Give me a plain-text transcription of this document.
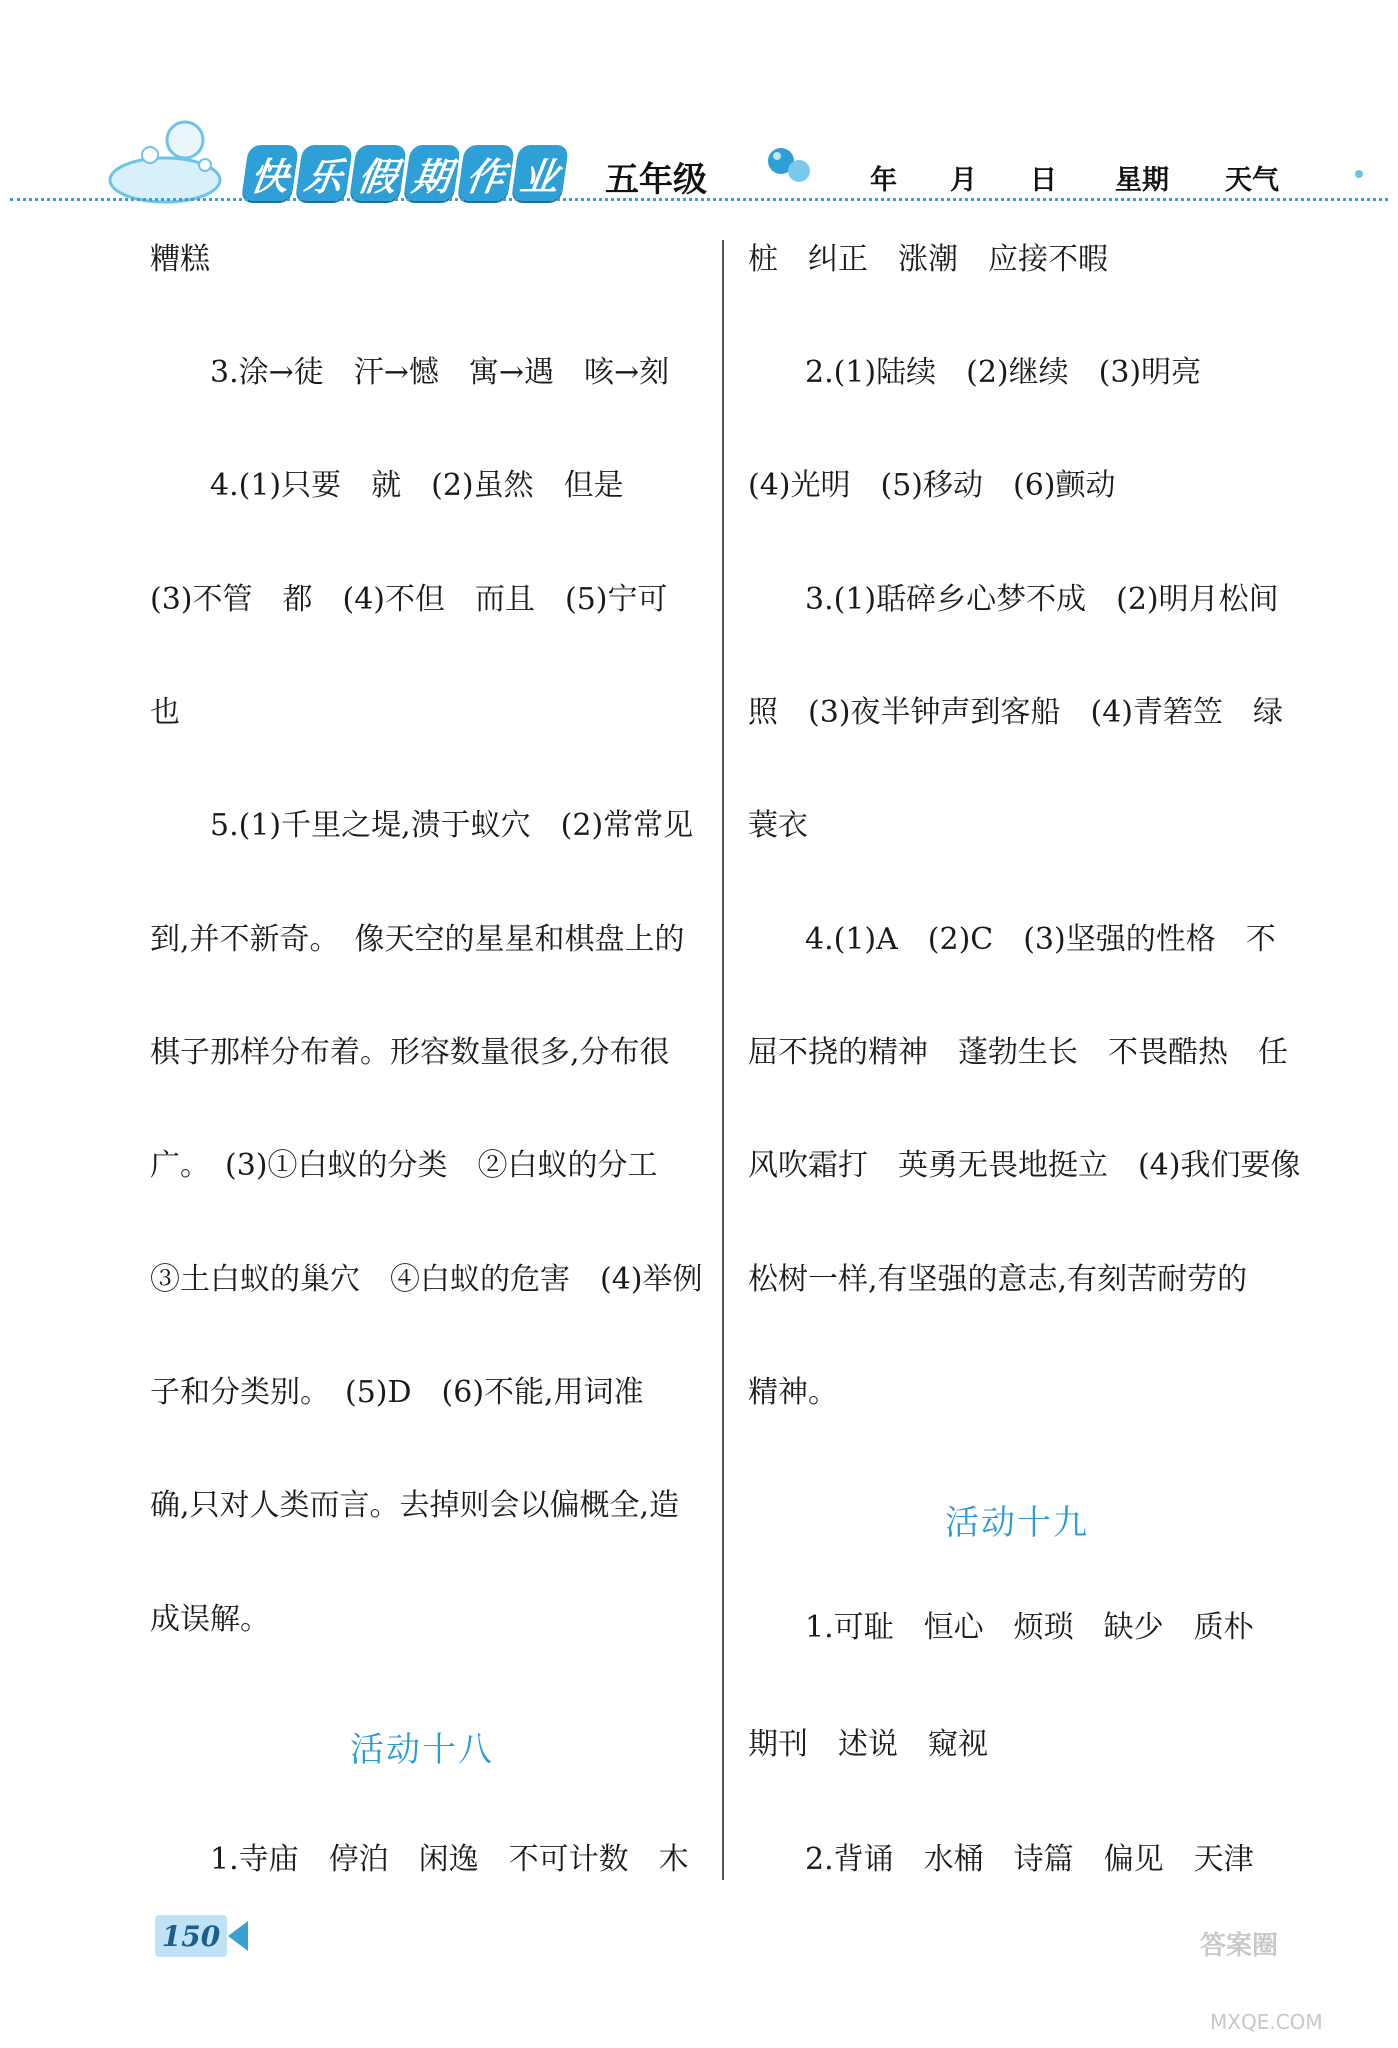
快 乐 假 期 作 业 五年级	年 月 日 星期 天气
糟糕
3.涂→徒　汗→憾　寓→遇　咳→刻
4.(1)只要　就　(2)虽然　但是
(3)不管　都　(4)不但　而且　(5)宁可
也
5.(1)千里之堤,溃于蚁穴　(2)常常见
到,并不新奇。　像天空的星星和棋盘上的
棋子那样分布着。形容数量很多,分布很
广。　(3)①白蚁的分类　②白蚁的分工
③土白蚁的巢穴　④白蚁的危害　(4)举例
子和分类别。　(5)D　(6)不能,用词准
确,只对人类而言。去掉则会以偏概全,造
成误解。
活动十八
1.寺庙　停泊　闲逸　不可计数　木
桩　纠正　涨潮　应接不暇
2.(1)陆续　(2)继续　(3)明亮
(4)光明　(5)移动　(6)颤动
3.(1)聒碎乡心梦不成　(2)明月松间
照　(3)夜半钟声到客船　(4)青箬笠　绿
蓑衣
4.(1)A　(2)C　(3)坚强的性格　不
屈不挠的精神　蓬勃生长　不畏酷热　任
风吹霜打　英勇无畏地挺立　(4)我们要像
松树一样,有坚强的意志,有刻苦耐劳的
精神。
活动十九
1.可耻　恒心　烦琐　缺少　质朴
期刊　述说　窥视
2.背诵　水桶　诗篇　偏见　天津
150	答案圈
MXQE.COM
